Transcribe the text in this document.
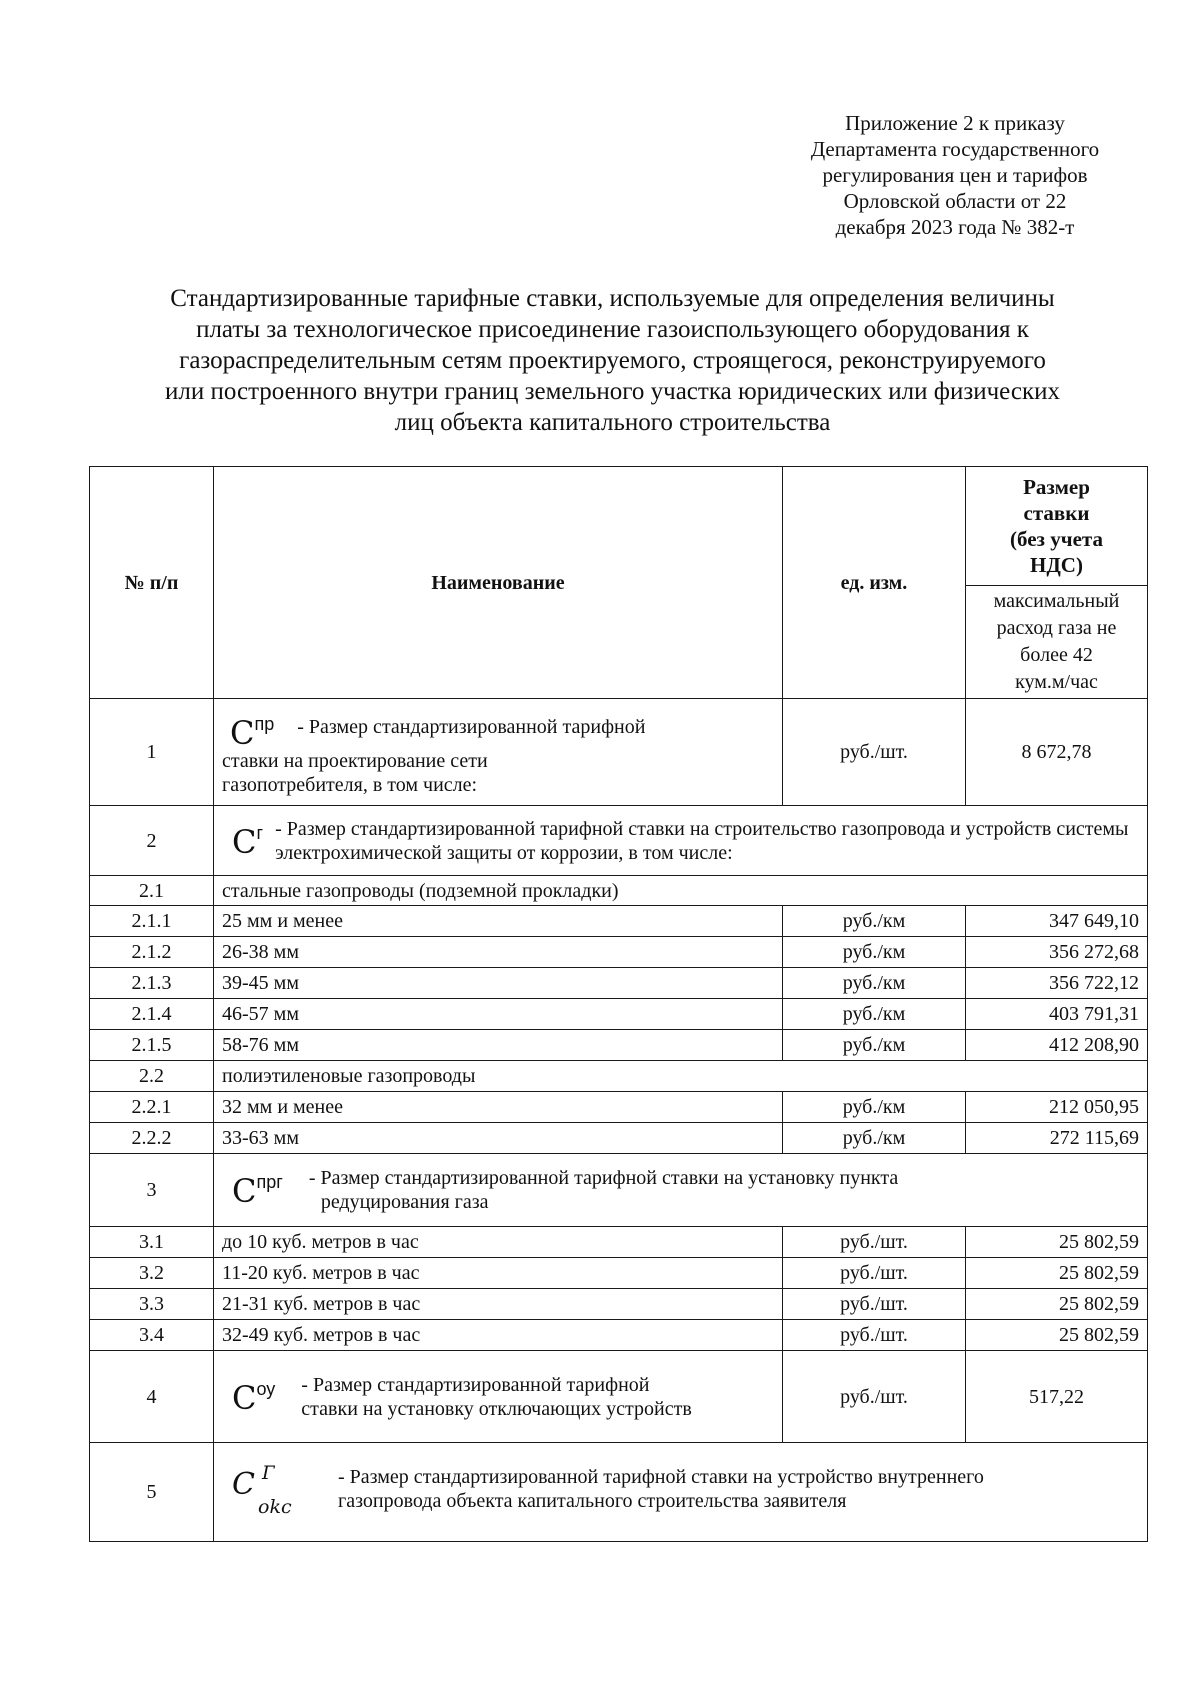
Приложение 2 к приказу
Департамента государственного
регулирования цен и тарифов
Орловской области от 22
декабря 2023 года № 382-т
Стандартизированные тарифные ставки, используемые для определения величины
платы за технологическое присоединение газоиспользующего оборудования к
газораспределительным сетям проектируемого, строящегося, реконструируемого
или построенного внутри границ земельного участка юридических или физических
лиц объекта капитального строительства
№ п/п	Наименование	ед. изм.	Размер
ставки
(без учета
НДС)

			максимальный
расход газа не
более 42
кум.м/час

1	$C^{пр}$ - Размер стандартизированной тарифной
ставки на проектирование сети
газопотребителя, в том числе:	руб./шт.	8 672,78
2	$C^г$ - Размер стандартизированной тарифной ставки на строительство газопровода и устройств системы электрохимической защиты от коррозии, в том числе:		

2.1	стальные газопроводы (подземной прокладки)		
2.1.1	25 мм и менее	руб./км	347 649,10
2.1.2	26-38 мм	руб./км	356 272,68
2.1.3	39-45 мм	руб./км	356 722,12
2.1.4	46-57 мм	руб./км	403 791,31
2.1.5	58-76 мм	руб./км	412 208,90
2.2	полиэтиленовые газопроводы		
2.2.1	32 мм и менее	руб./км	212 050,95
2.2.2	33-63 мм	руб./км	272 115,69
3	$C^{прг}$ - Размер стандартизированной тарифной ставки на установку пункта
редуцирования газа		

3.1	до 10 куб. метров в час	руб./шт.	25 802,59
3.2	11-20 куб. метров в час	руб./шт.	25 802,59
3.3	21-31 куб. метров в час	руб./шт.	25 802,59
3.4	32-49 куб. метров в час	руб./шт.	25 802,59
4	$C^{оу}$ - Размер стандартизированной тарифной
ставки на установку отключающих устройств	руб./шт.	517,22
5	C Г
okc
- Размер стандартизированной тарифной ставки на устройство внутреннего
газопровода объекта капитального строительства заявителя		
